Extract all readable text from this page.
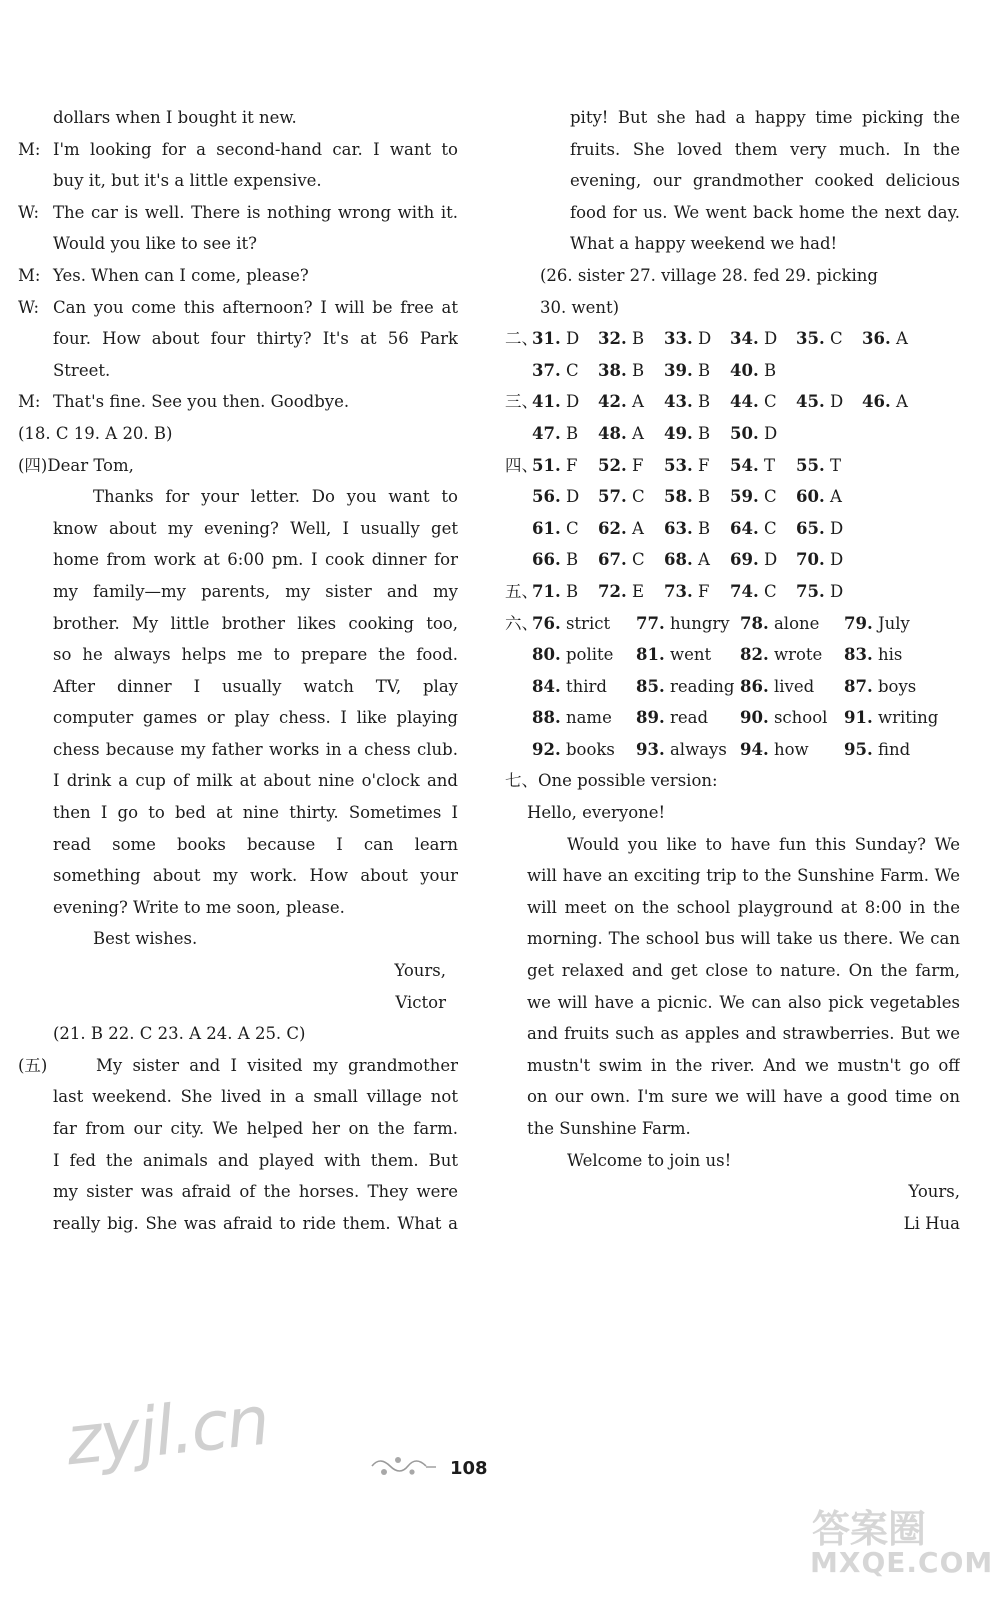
dollars when I bought it new.
M: I'm looking for a second-hand car. I want to
buy it, but it's a little expensive.
W: The car is well. There is nothing wrong with it.
Would you like to see it?
M: Yes. When can I come, please?
W: Can you come this afternoon? I will be free at
four. How about four thirty? It's at 56 Park
Street.
M: That's fine. See you then. Goodbye.
(18. C 19. A 20. B)
(四)Dear Tom,
Thanks for your letter. Do you want to
know about my evening? Well, I usually get
home from work at 6:00 pm. I cook dinner for
my family—my parents, my sister and my
brother. My little brother likes cooking too,
so he always helps me to prepare the food.
After dinner I usually watch TV, play
computer games or play chess. I like playing
chess because my father works in a chess club.
I drink a cup of milk at about nine o'clock and
then I go to bed at nine thirty. Sometimes I
read some books because I can learn
something about my work. How about your
evening? Write to me soon, please.
Best wishes.
Yours,
Victor
(21. B 22. C 23. A 24. A 25. C)
(五)	My sister and I visited my grandmother
last weekend. She lived in a small village not
far from our city. We helped her on the farm.
I fed the animals and played with them. But
my sister was afraid of the horses. They were
really big. She was afraid to ride them. What a
pity! But she had a happy time picking the
fruits. She loved them very much. In the
evening, our grandmother cooked delicious
food for us. We went back home the next day.
What a happy weekend we had!
(26. sister 27. village 28. fed 29. picking
30. went)
二、
31. D	32. B	33. D	34. D	35. C	36. A
37. C	38. B	39. B	40. B
三、
41. D	42. A	43. B	44. C	45. D	46. A
47. B	48. A	49. B	50. D
四、
51. F	52. F	53. F	54. T	55. T
56. D	57. C	58. B	59. C	60. A
61. C	62. A	63. B	64. C	65. D
66. B	67. C	68. A	69. D	70. D
五、
71. B	72. E	73. F	74. C	75. D
六、
76. strict	77. hungry 78. alone	79. July
80. polite	81. went	82. wrote	83. his
84. third	85. reading 86. lived	87. boys
88. name	89. read	90. school	91. writing
92. books	93. always 94. how	95. find
七、One possible version:
Hello, everyone!
Would you like to have fun this Sunday? We
will have an exciting trip to the Sunshine Farm. We
will meet on the school playground at 8:00 in the
morning. The school bus will take us there. We can
get relaxed and get close to nature. On the farm,
we will have a picnic. We can also pick vegetables
and fruits such as apples and strawberries. But we
mustn't swim in the river. And we mustn't go off
on our own. I'm sure we will have a good time on
the Sunshine Farm.
Welcome to join us!
Yours,
Li Hua
108
zyjl.cn
答案圈
MXQE.COM
